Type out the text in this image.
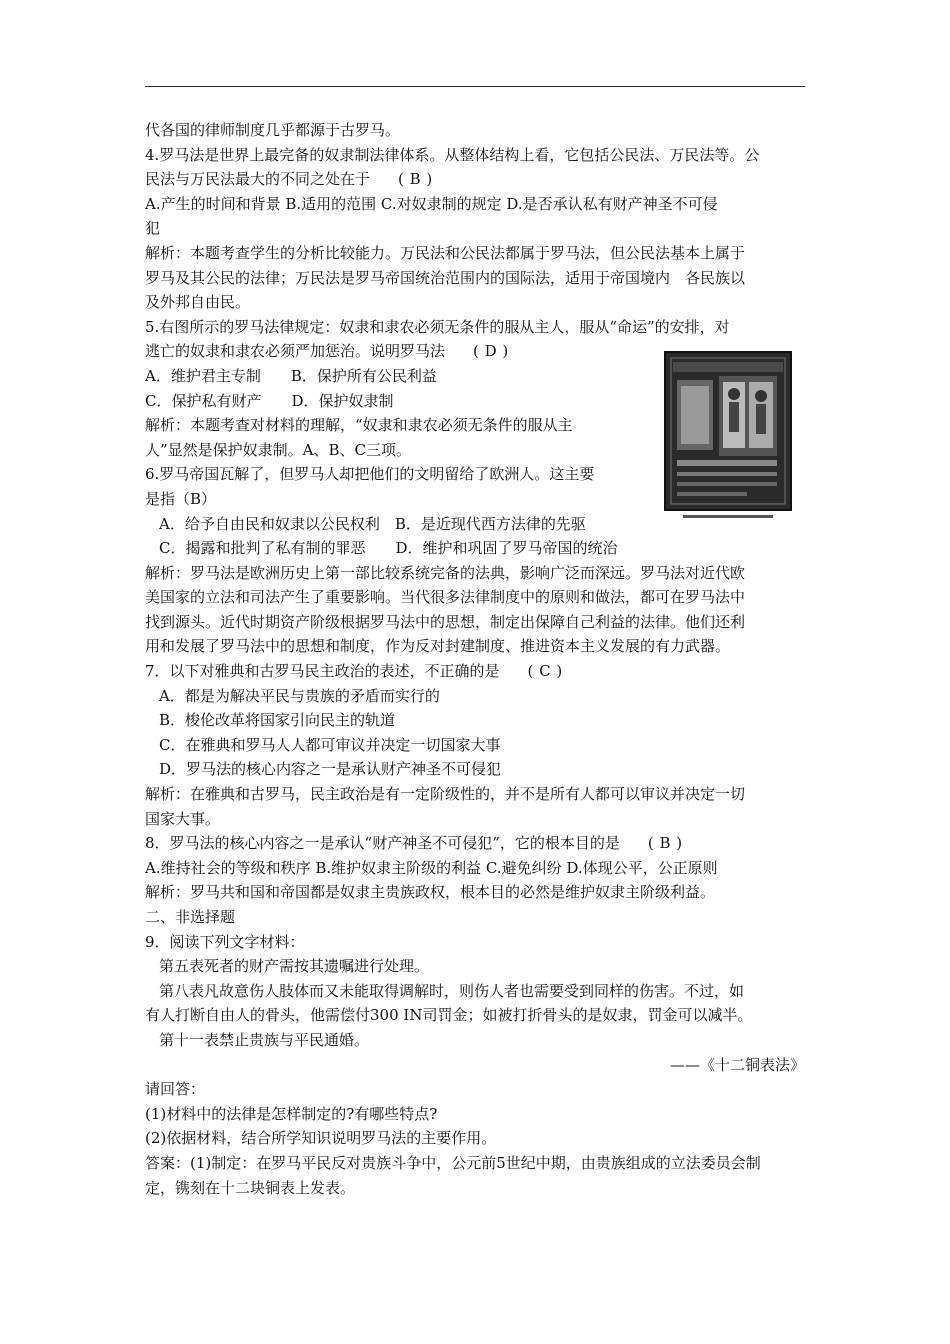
代各国的律师制度几乎都源于古罗马。
4.罗马法是世界上最完备的奴隶制法律体系。从整体结构上看，它包括公民法、万民法等。公
民法与万民法最大的不同之处在于 ( B )
A.产生的时间和背景 B.适用的范围 C.对奴隶制的规定 D.是否承认私有财产神圣不可侵
犯
解析：本题考查学生的分析比较能力。万民法和公民法都属于罗马法，但公民法基本上属于
罗马及其公民的法律；万民法是罗马帝国统治范围内的国际法，适用于帝国境内　各民族以
及外邦自由民。
5.右图所示的罗马法律规定：奴隶和隶农必须无条件的服从主人，服从“命运”的安排，对
逃亡的奴隶和隶农必须严加惩治。说明罗马法 ( D )
A．维护君主专制　　B．保护所有公民利益
C．保护私有财产　　D．保护奴隶制
解析：本题考查对材料的理解，“奴隶和隶农必须无条件的服从主
人”显然是保护奴隶制。A、B、C三项。
6.罗马帝国瓦解了，但罗马人却把他们的文明留给了欧洲人。这主要
是指（B）
A．给予自由民和奴隶以公民权利　B．是近现代西方法律的先驱
C．揭露和批判了私有制的罪恶　　D．维护和巩固了罗马帝国的统治
解析：罗马法是欧洲历史上第一部比较系统完备的法典，影响广泛而深远。罗马法对近代欧
美国家的立法和司法产生了重要影响。当代很多法律制度中的原则和做法，都可在罗马法中
找到源头。近代时期资产阶级根据罗马法中的思想，制定出保障自己利益的法律。他们还利
用和发展了罗马法中的思想和制度，作为反对封建制度、推进资本主义发展的有力武器。
7．以下对雅典和古罗马民主政治的表述，不正确的是 ( C )
A．都是为解决平民与贵族的矛盾而实行的
B．梭伦改革将国家引向民主的轨道
C．在雅典和罗马人人都可审议并决定一切国家大事
D．罗马法的核心内容之一是承认财产神圣不可侵犯
解析：在雅典和古罗马，民主政治是有一定阶级性的，并不是所有人都可以审议并决定一切
国家大事。
8．罗马法的核心内容之一是承认“财产神圣不可侵犯”，它的根本目的是 ( B )
A.维持社会的等级和秩序 B.维护奴隶主阶级的利益 C.避免纠纷 D.体现公平，公正原则
解析：罗马共和国和帝国都是奴隶主贵族政权，根本目的必然是维护奴隶主阶级利益。
二、非选择题
9．阅读下列文字材料：
第五表死者的财产需按其遗嘱进行处理。
第八表凡故意伤人肢体而又未能取得调解时，则伤人者也需要受到同样的伤害。不过，如
有人打断自由人的骨头，他需偿付300 IN司罚金；如被打折骨头的是奴隶，罚金可以减半。
第十一表禁止贵族与平民通婚。
——《十二铜表法》
请回答：
(1)材料中的法律是怎样制定的?有哪些特点?
(2)依据材料，结合所学知识说明罗马法的主要作用。
答案：(1)制定：在罗马平民反对贵族斗争中，公元前5世纪中期，由贵族组成的立法委员会制
定，镌刻在十二块铜表上发表。
